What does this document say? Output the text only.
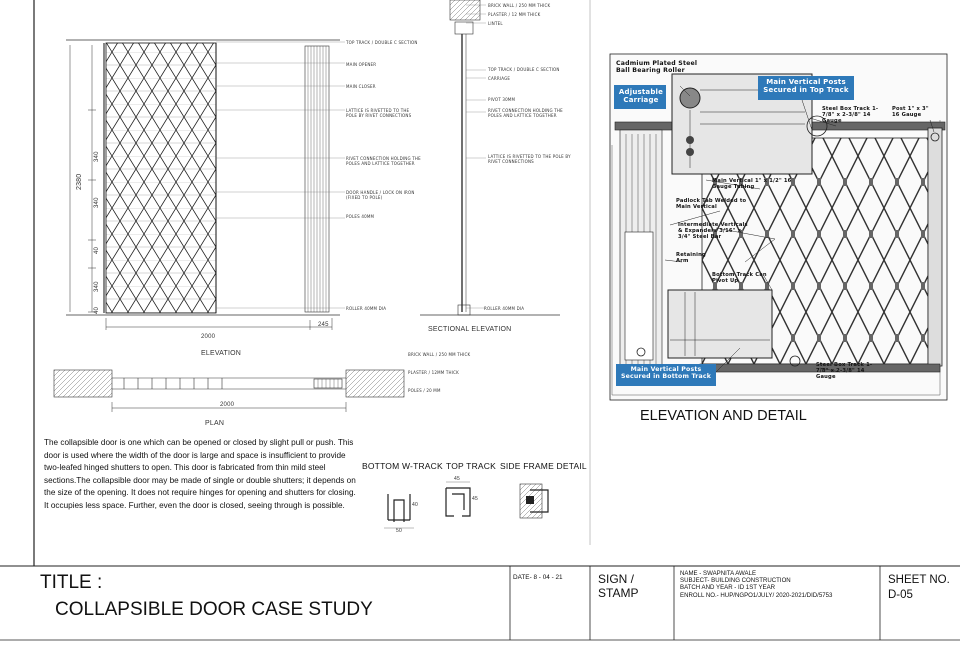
TOP TRACK / DOUBLE C SECTION
MAIN OPENER
MAIN CLOSER
LATTICE IS RIVETTED TO THE POLE BY RIVET CONNECTIONS
RIVET CONNECTION HOLDING THE POLES AND LATTICE TOGETHER
DOOR HANDLE / LOCK ON IRON (FIXED TO POLE)
POLES 40MM
ROLLER 40MM DIA	ROLLER 40MM DIA
2380
340
340
340
40
40
2000
245
ELEVATION
BRICK WALL / 250 MM THICK
PLASTER / 12 MM THICK
LINTEL
TOP TRACK / DOUBLE C SECTION
CARRIAGE
PIVOT 30MM
RIVET CONNECTION HOLDING THE POLES AND LATTICE TOGETHER
LATTICE IS RIVETTED TO THE POLE BY RIVET CONNECTIONS
SECTIONAL ELEVATION
BRICK WALL / 250 MM THICK
PLASTER / 12MM THICK
POLES / 20 MM
2000
PLAN
The collapsible door is one which can be opened or closed by slight pull or push. This door is used where the width of the door is large and space is insufficient to provide two-leafed hinged shutters to open. This door is fabricated from thin mild steel sections.The collapsible door may be made of single or double shutters; it depends on the size of the opening. It does not require hinges for opening and shutters for closing. It occupies less space. Further, even the door is closed, seeing through is possible.
BOTTOM W-TRACK TOP TRACK SIDE FRAME DETAIL
50
40
45
45
Cadmium Plated Steel Ball Bearing Roller
Adjustable Carriage
Main Vertical Posts Secured in Top Track
Steel Box Track 1-7/8" x 2-3/8" 14 Gauge
Post 1" x 3" 16 Gauge
Main Vertical 1" x 1/2" 16 Gauge Tubing
Padlock Tab Welded to Main Vertical
Intermediate Verticals & Expanders 3/16" x 3/4" Steel Bar
Retaining Arm
Bottom Track Can Pivot Up
Main Vertical Posts Secured in Bottom Track
Steel Box Track 1-7/8" x 2-3/8" 14 Gauge
ELEVATION AND DETAIL
TITLE :
COLLAPSIBLE DOOR CASE STUDY
DATE- 8 - 04 - 21	SIGN /
STAMP
NAME - SWAPNITA AWALE
SUBJECT- BUILDING CONSTRUCTION
BATCH AND YEAR - ID 1ST YEAR
ENROLL NO.- HUP/NGPO1/JULY/ 2020-2021/DID/5753
SHEET NO.
D-05
